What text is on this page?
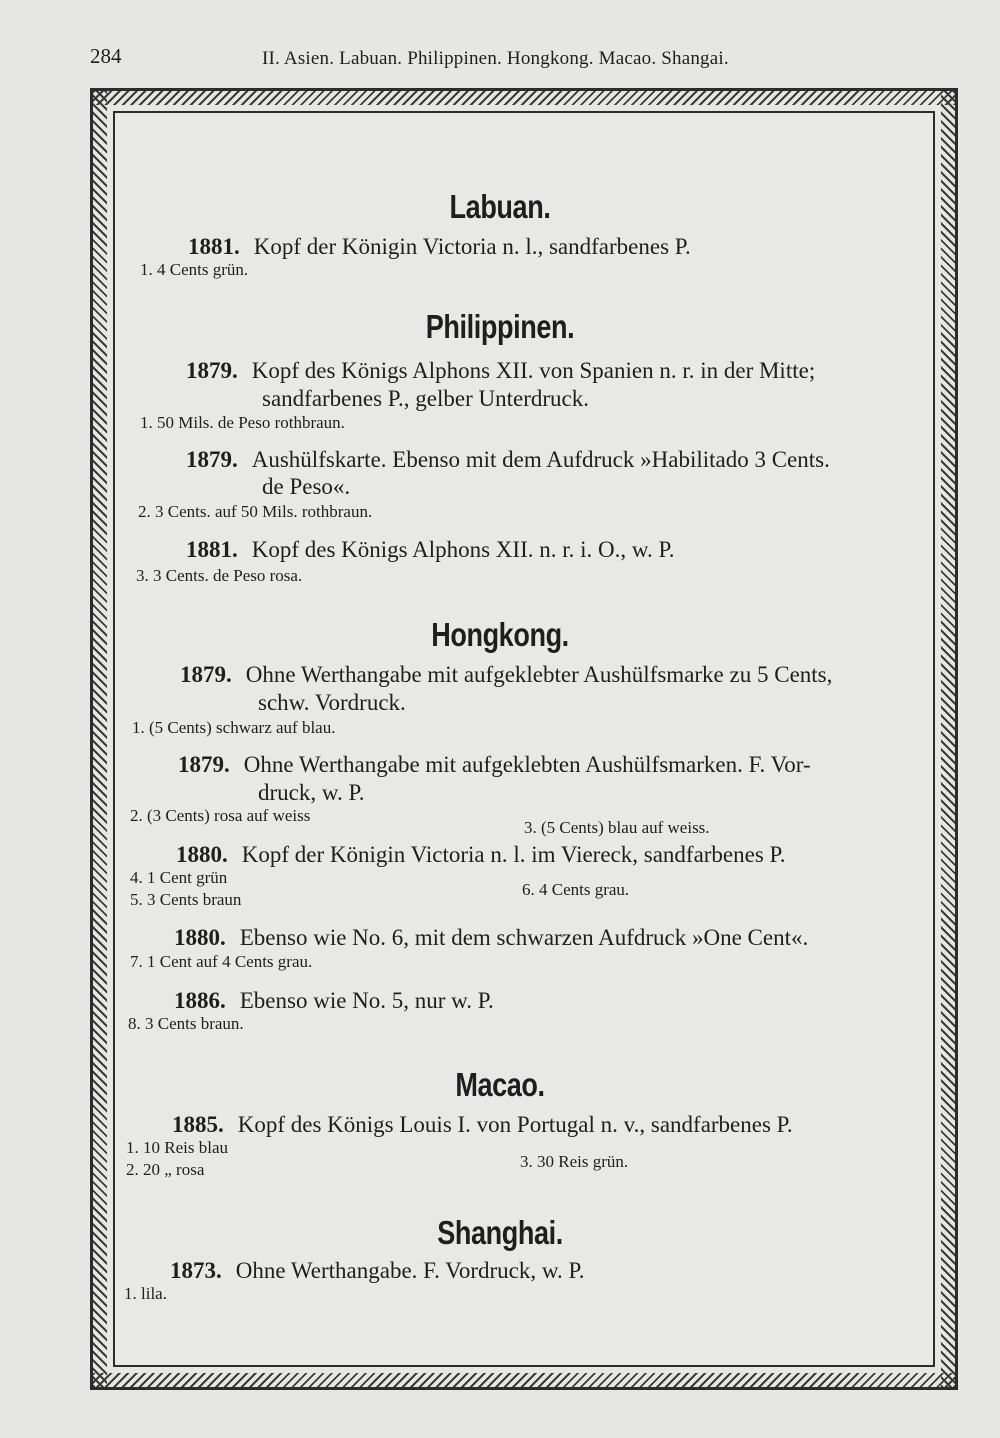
284	II. Asien. Labuan. Philippinen. Hongkong. Macao. Shangai.
Labuan.
1881. Kopf der Königin Victoria n. l., sandfarbenes P.
1. 4 Cents grün.
Philippinen.
1879. Kopf des Königs Alphons XII. von Spanien n. r. in der Mitte;
sandfarbenes P., gelber Unterdruck.
1. 50 Mils. de Peso rothbraun.
1879. Aushülfskarte. Ebenso mit dem Aufdruck »Habilitado 3 Cents.
de Peso«.
2. 3 Cents. auf 50 Mils. rothbraun.
1881. Kopf des Königs Alphons XII. n. r. i. O., w. P.
3. 3 Cents. de Peso rosa.
Hongkong.
1879. Ohne Werthangabe mit aufgeklebter Aushülfsmarke zu 5 Cents,
schw. Vordruck.
1. (5 Cents) schwarz auf blau.
1879. Ohne Werthangabe mit aufgeklebten Aushülfsmarken. F. Vor-
druck, w. P.
2. (3 Cents) rosa auf weiss
3. (5 Cents) blau auf weiss.
1880. Kopf der Königin Victoria n. l. im Viereck, sandfarbenes P.
4. 1 Cent grün
5. 3 Cents braun
6. 4 Cents grau.
1880. Ebenso wie No. 6, mit dem schwarzen Aufdruck »One Cent«.
7. 1 Cent auf 4 Cents grau.
1886. Ebenso wie No. 5, nur w. P.
8. 3 Cents braun.
Macao.
1885. Kopf des Königs Louis I. von Portugal n. v., sandfarbenes P.
1. 10 Reis blau
2. 20 „ rosa	3. 30 Reis grün.
Shanghai.
1873. Ohne Werthangabe. F. Vordruck, w. P.
1. lila.
